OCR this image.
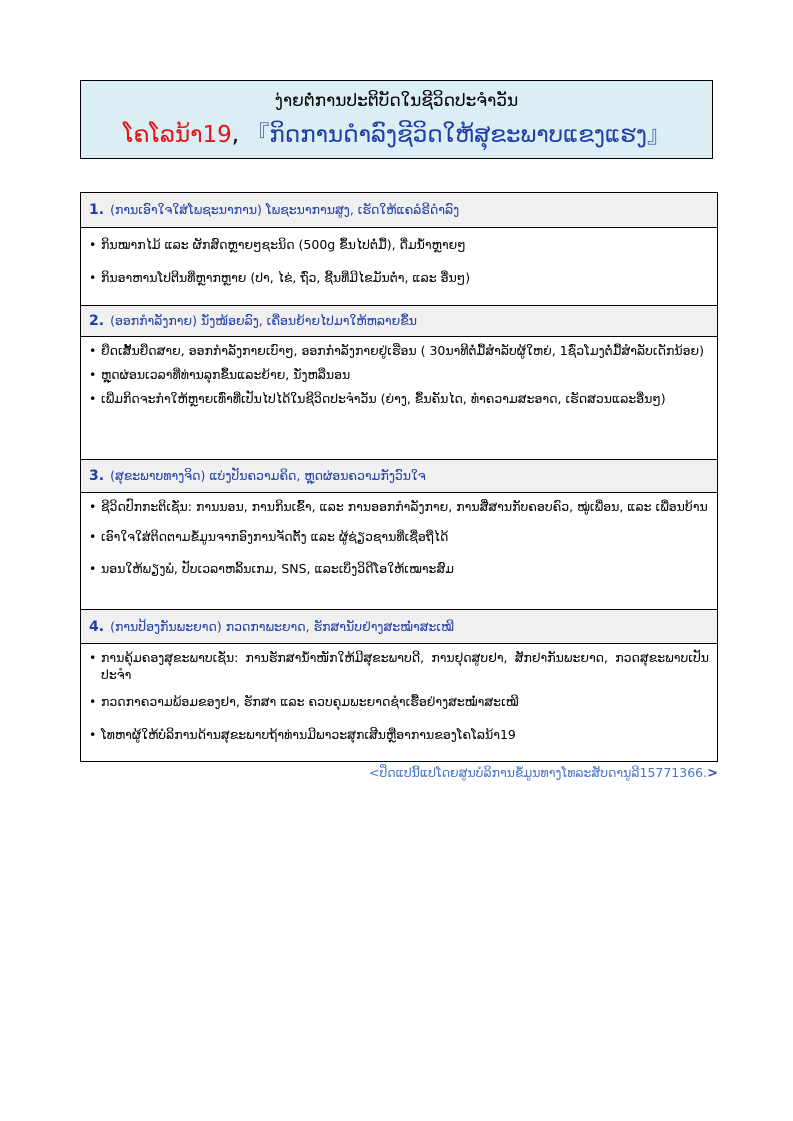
ງ່າຍຕໍ່ການປະຕິບັດໃນຊີວິດປະຈຳວັນ
ໂຄໂລນ້າ19, 『ກິດການດຳລົງຊີວິດໃຫ້ສຸຂະພາບແຂງແຮງ』
1. (ການເອົາໃຈໃສ່ໂພຊະນາການ) ໂພຊະນາການສູງ, ເຮັດໃຫ້ແຄລໍຣີດຳລົງ
• ກິນໝາກໄມ້ ແລະ ຜັກສົດຫຼາຍໆຊະນິດ (500g ຂຶ້ນໄປຕໍ່ມື້), ດື່ມນ້ຳຫຼາຍໆ
• ກິນອາຫານໂປຕີນທີ່ຫຼາກຫຼາຍ (ປາ, ໄຂ່, ຖົ່ວ, ຊີ້ນທີ່ມີໄຂມັນຕ່ຳ, ແລະ ອື່ນໆ)
2. (ອອກກຳລັງກາຍ) ນັ່ງໜ້ອຍລົງ, ເຄື່ອນຍ້າຍໄປມາໃຫ້ຫລາຍຂຶ້ນ
• ຍືດເສັ້ນຍືດສາຍ, ອອກກຳລັງກາຍເບົາໆ, ອອກກຳລັງກາຍຢູ່ເຮືອນ ( 30ນາທີຕໍ່ມື້ສຳລັບຜູ້ໃຫຍ່, 1ຊົ່ວໂມງຕໍ່ມື້ສຳລັບເດັກນ້ອຍ)
• ຫຼຸດຜ່ອນເວລາທີ່ທ່ານລຸກຂຶ້ນແລະຍ້າຍ, ນັ່ງຫລືນອນ
• ເພີ່ມກິດຈະກຳໃຫ້ຫຼາຍເທົ່າທີ່ເປັນໄປໄດ້ໃນຊີວິດປະຈຳວັນ (ຍ່າງ, ຂຶ້ນຄັນໄດ, ທຳຄວາມສະອາດ, ເຮັດສວນແລະອື່ນໆ)
3. (ສຸຂະພາບທາງຈິດ) ແບ່ງປັນຄວາມຄິດ, ຫຼຸດຜ່ອນຄວາມກັງວົນໃຈ
• ຊີວິດປົກກະຕິເຊັ່ນ: ການນອນ, ການກິນເຂົ້າ, ແລະ ການອອກກຳລັງກາຍ, ການສື່ສານກັບຄອບຄົວ, ໝູ່ເພື່ອນ, ແລະ ເພື່ອນບ້ານ
• ເອົາໃຈໃສ່ຕິດຕາມຂໍ້ມູນຈາກອົງການຈັດຕັ້ງ ແລະ ຜູ້ຊ່ຽວຊານທີ່ເຊື່ອຖືໄດ້
• ນອນໃຫ້ພຽງພໍ, ປັບເວລາຫລິ້ນເກມ, SNS, ແລະເບິ່ງວິດີໂອໃຫ້ເໝາະສົມ
4. (ການປ້ອງກັນພະຍາດ) ກວດກາພະຍາດ, ຮັກສານັບຢ່າງສະໝໍ່າສະເໝີ
• ການຄຸ້ມຄອງສຸຂະພາບເຊັ່ນ: ການຮັກສານ້ຳໜັກໃຫ້ມີສຸຂະພາບດີ, ການຢຸດສູບຢາ, ສັກຢາກັນພະຍາດ, ກວດສຸຂະພາບເປັນປະຈຳ
• ກວດກາຄວາມພ້ອມຂອງຢາ, ຮັກສາ ແລະ ຄວບຄຸມພະຍາດຊຳເຮື້ອຢ່າງສະໝໍ່າສະເໝີ
• ໂທຫາຜູ້ໃຫ້ບໍລິການດ້ານສຸຂະພາບຖ້າທ່ານມີພາວະສຸກເສີນຫຼືອາການຂອງໂຄໂລນ້າ19
<ປຶດແປນີ້ແປໂດຍສູນບໍລິການຂໍ້ມູນທາງໂທລະສັບດານູລີ15771366.>
